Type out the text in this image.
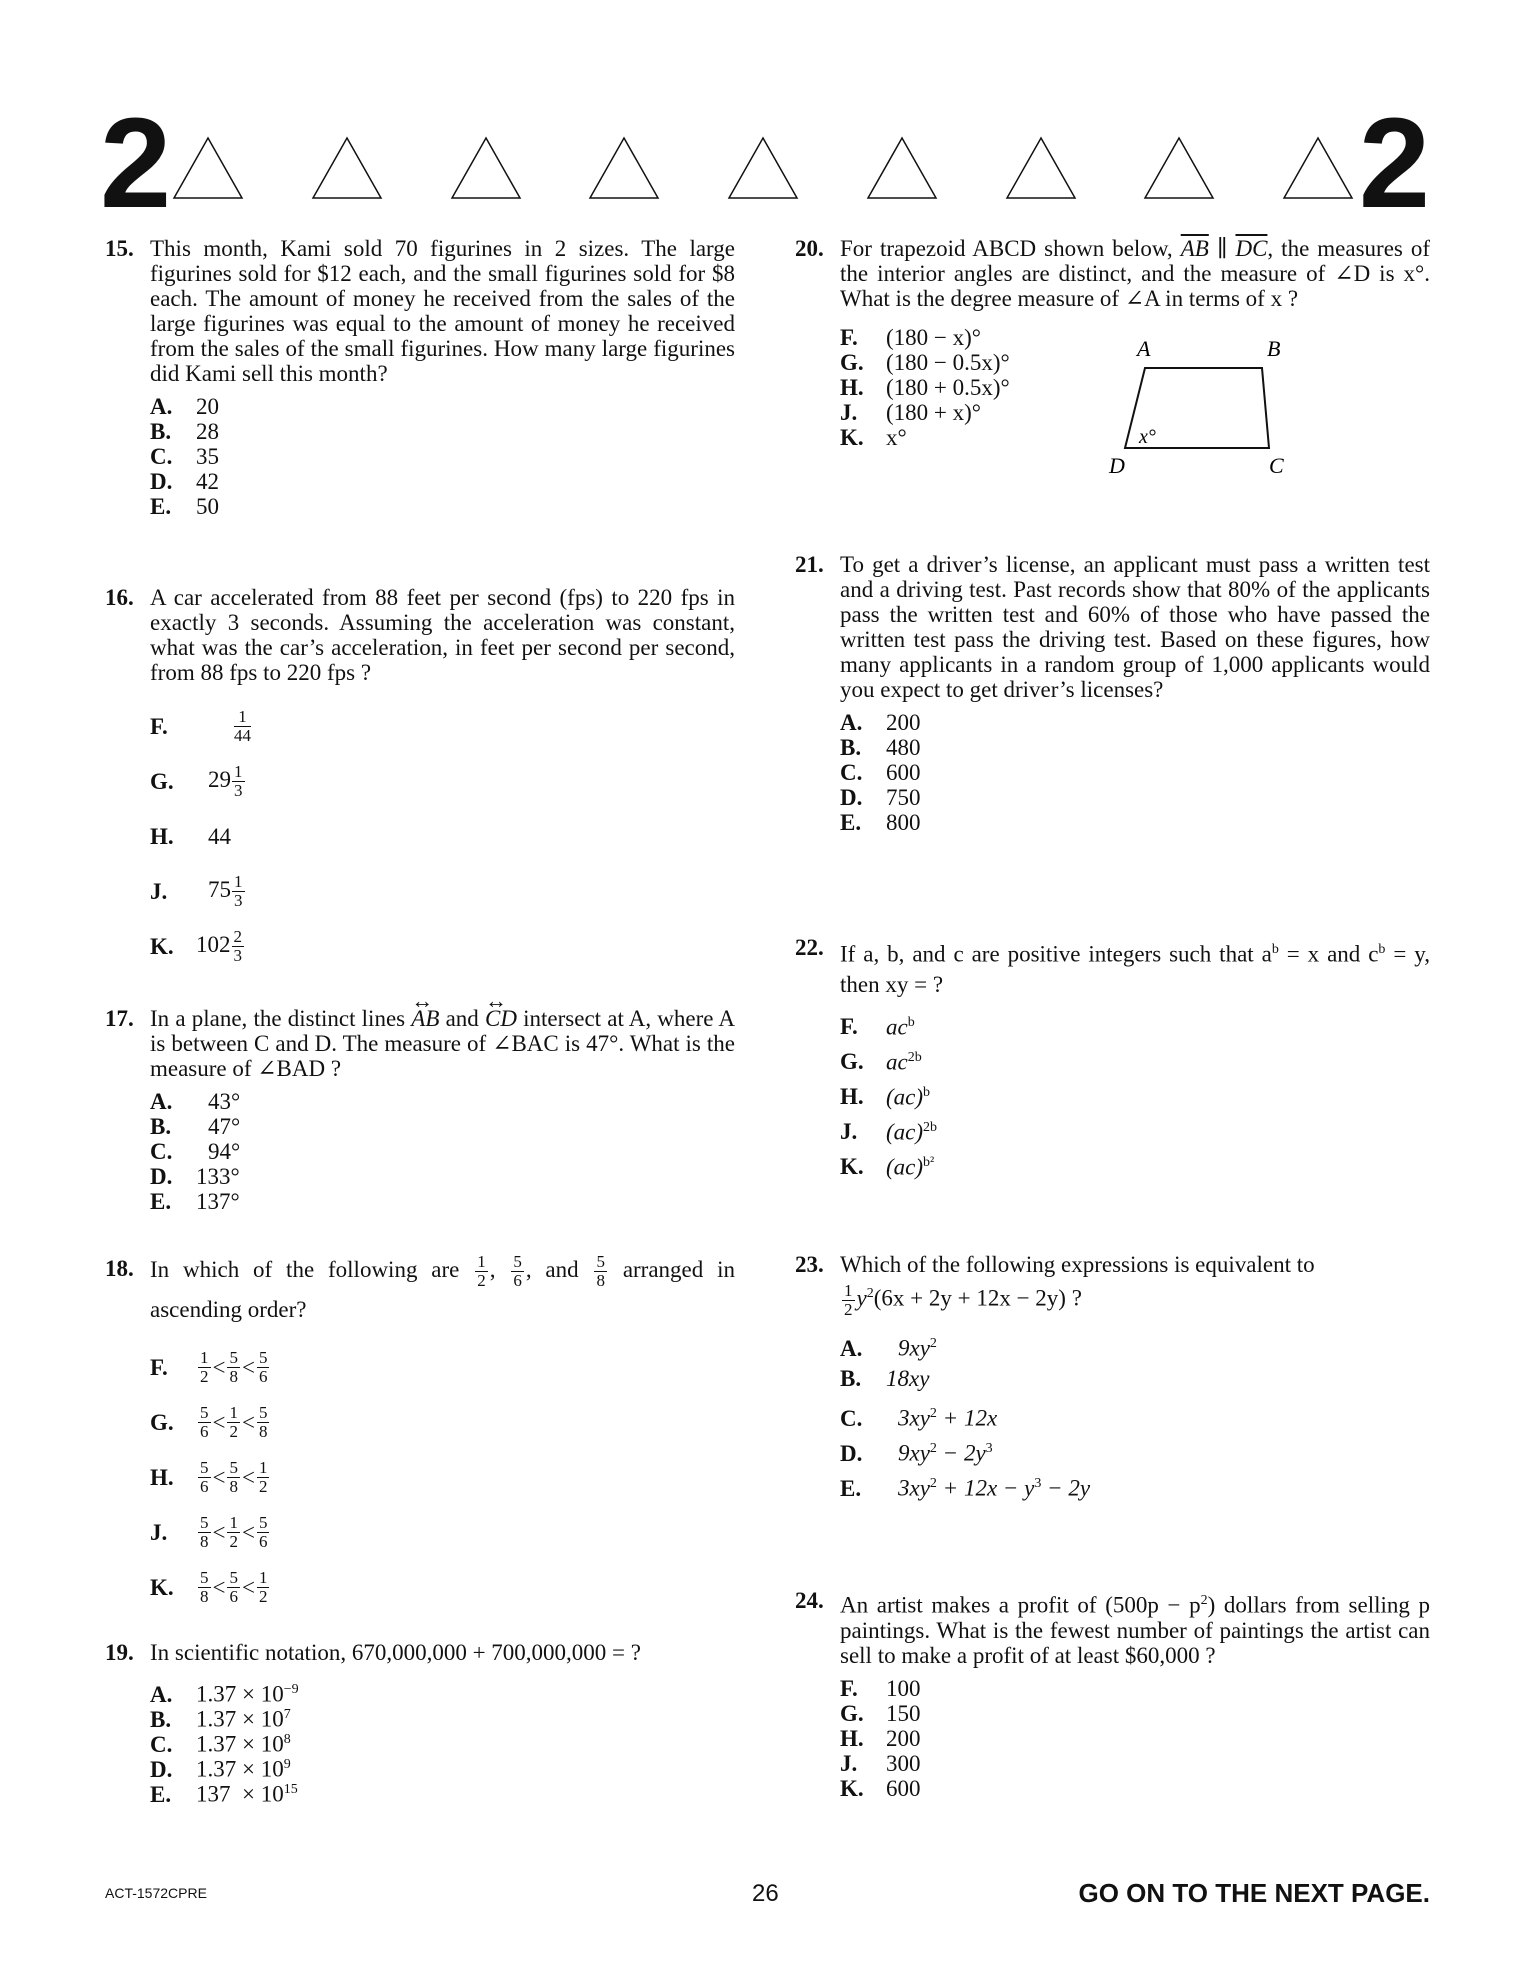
2	2
15. This month, Kami sold 70 figurines in 2 sizes. The large figurines sold for $12 each, and the small figurines sold for $8 each. The amount of money he received from the sales of the large figurines was equal to the amount of money he received from the sales of the small figurines. How many large figurines did Kami sell this month?
A. 20
B. 28
C. 35
D. 42
E. 50
16. A car accelerated from 88 feet per second (fps) to 220 fps in exactly 3 seconds. Assuming the acceleration was constant, what was the car’s acceleration, in feet per second per second, from 88 fps to 220 fps ?
F.	$\frac{1}{44}$
G.	$29 \frac{1}{3}$
H.	44
J.	$75 \frac{1}{3}$
K. $102 \frac{2}{3}$
17. In a plane, the distinct lines ↔ AB and ↔ CD intersect at A, where A is between C and D. The measure of ∠BAC is 47°. What is the measure of ∠BAD ?
A. 43°
B. 47°
C. 94°
D. 133°
E. 137°
18. In which of the following are $\frac{1}{2}$ , $\frac{5}{6}$ , and $\frac{5}{8}$ arranged in ascending order?
F.	$\frac{1}{2} < \frac{5}{8} < \frac{5}{6}$
G.	$\frac{5}{6} < \frac{1}{2} < \frac{5}{8}$
H.	$\frac{5}{6} < \frac{5}{8} < \frac{1}{2}$
J.	$\frac{5}{8} < \frac{1}{2} < \frac{5}{6}$
K.	$\frac{5}{8} < \frac{5}{6} < \frac{1}{2}$
19. In scientific notation, 670,000,000 + 700,000,000 = ?
A. $1.37 \times 10^{-9}$
B. $1.37 \times 10^7$
C. $1.37 \times 10^8$
D. $1.37 \times 10^9$
E. $137 \times 10^{15}$
20. For trapezoid ABCD shown below, $\overline{AB}$ ∥ $\overline{DC}$, the measures of the interior angles are distinct, and the measure of ∠D is x°. What is the degree measure of ∠A in terms of x ?
F. (180 − x)°
G. (180 − 0.5x)°
H. (180 + 0.5x)°
J. (180 + x)°
K. x°
A	B
C
D
x°
21. To get a driver’s license, an applicant must pass a written test and a driving test. Past records show that 80% of the applicants pass the written test and 60% of those who have passed the written test pass the driving test. Based on these figures, how many applicants in a random group of 1,000 applicants would you expect to get driver’s licenses?
A. 200
B. 480
C. 600
D. 750
E. 800
22. If a, b, and c are positive integers such that $a^b = x$ and $c^b = y$, then xy = ?
F. $ac^b$
G. $ac^{2b}$
H. (ac)$^b$
J. (ac)$^{2b}$
K. (ac)$^{b^2}$
23. Which of the following expressions is equivalent to
$\frac{1}{2} y^2(6x + 2y + 12x - 2y)$ ?
A. $9xy^2$
B. 18xy
C. $3xy^2 + 12x$
D. $9xy^2 - 2y^3$
E. $3xy^2 + 12x - y^3 - 2y$
24. An artist makes a profit of $(500p - p^2)$ dollars from selling p paintings. What is the fewest number of paintings the artist can sell to make a profit of at least $60,000 ?
F. 100
G. 150
H. 200
J. 300
K. 600
ACT-1572CPRE	26	GO ON TO THE NEXT PAGE.
